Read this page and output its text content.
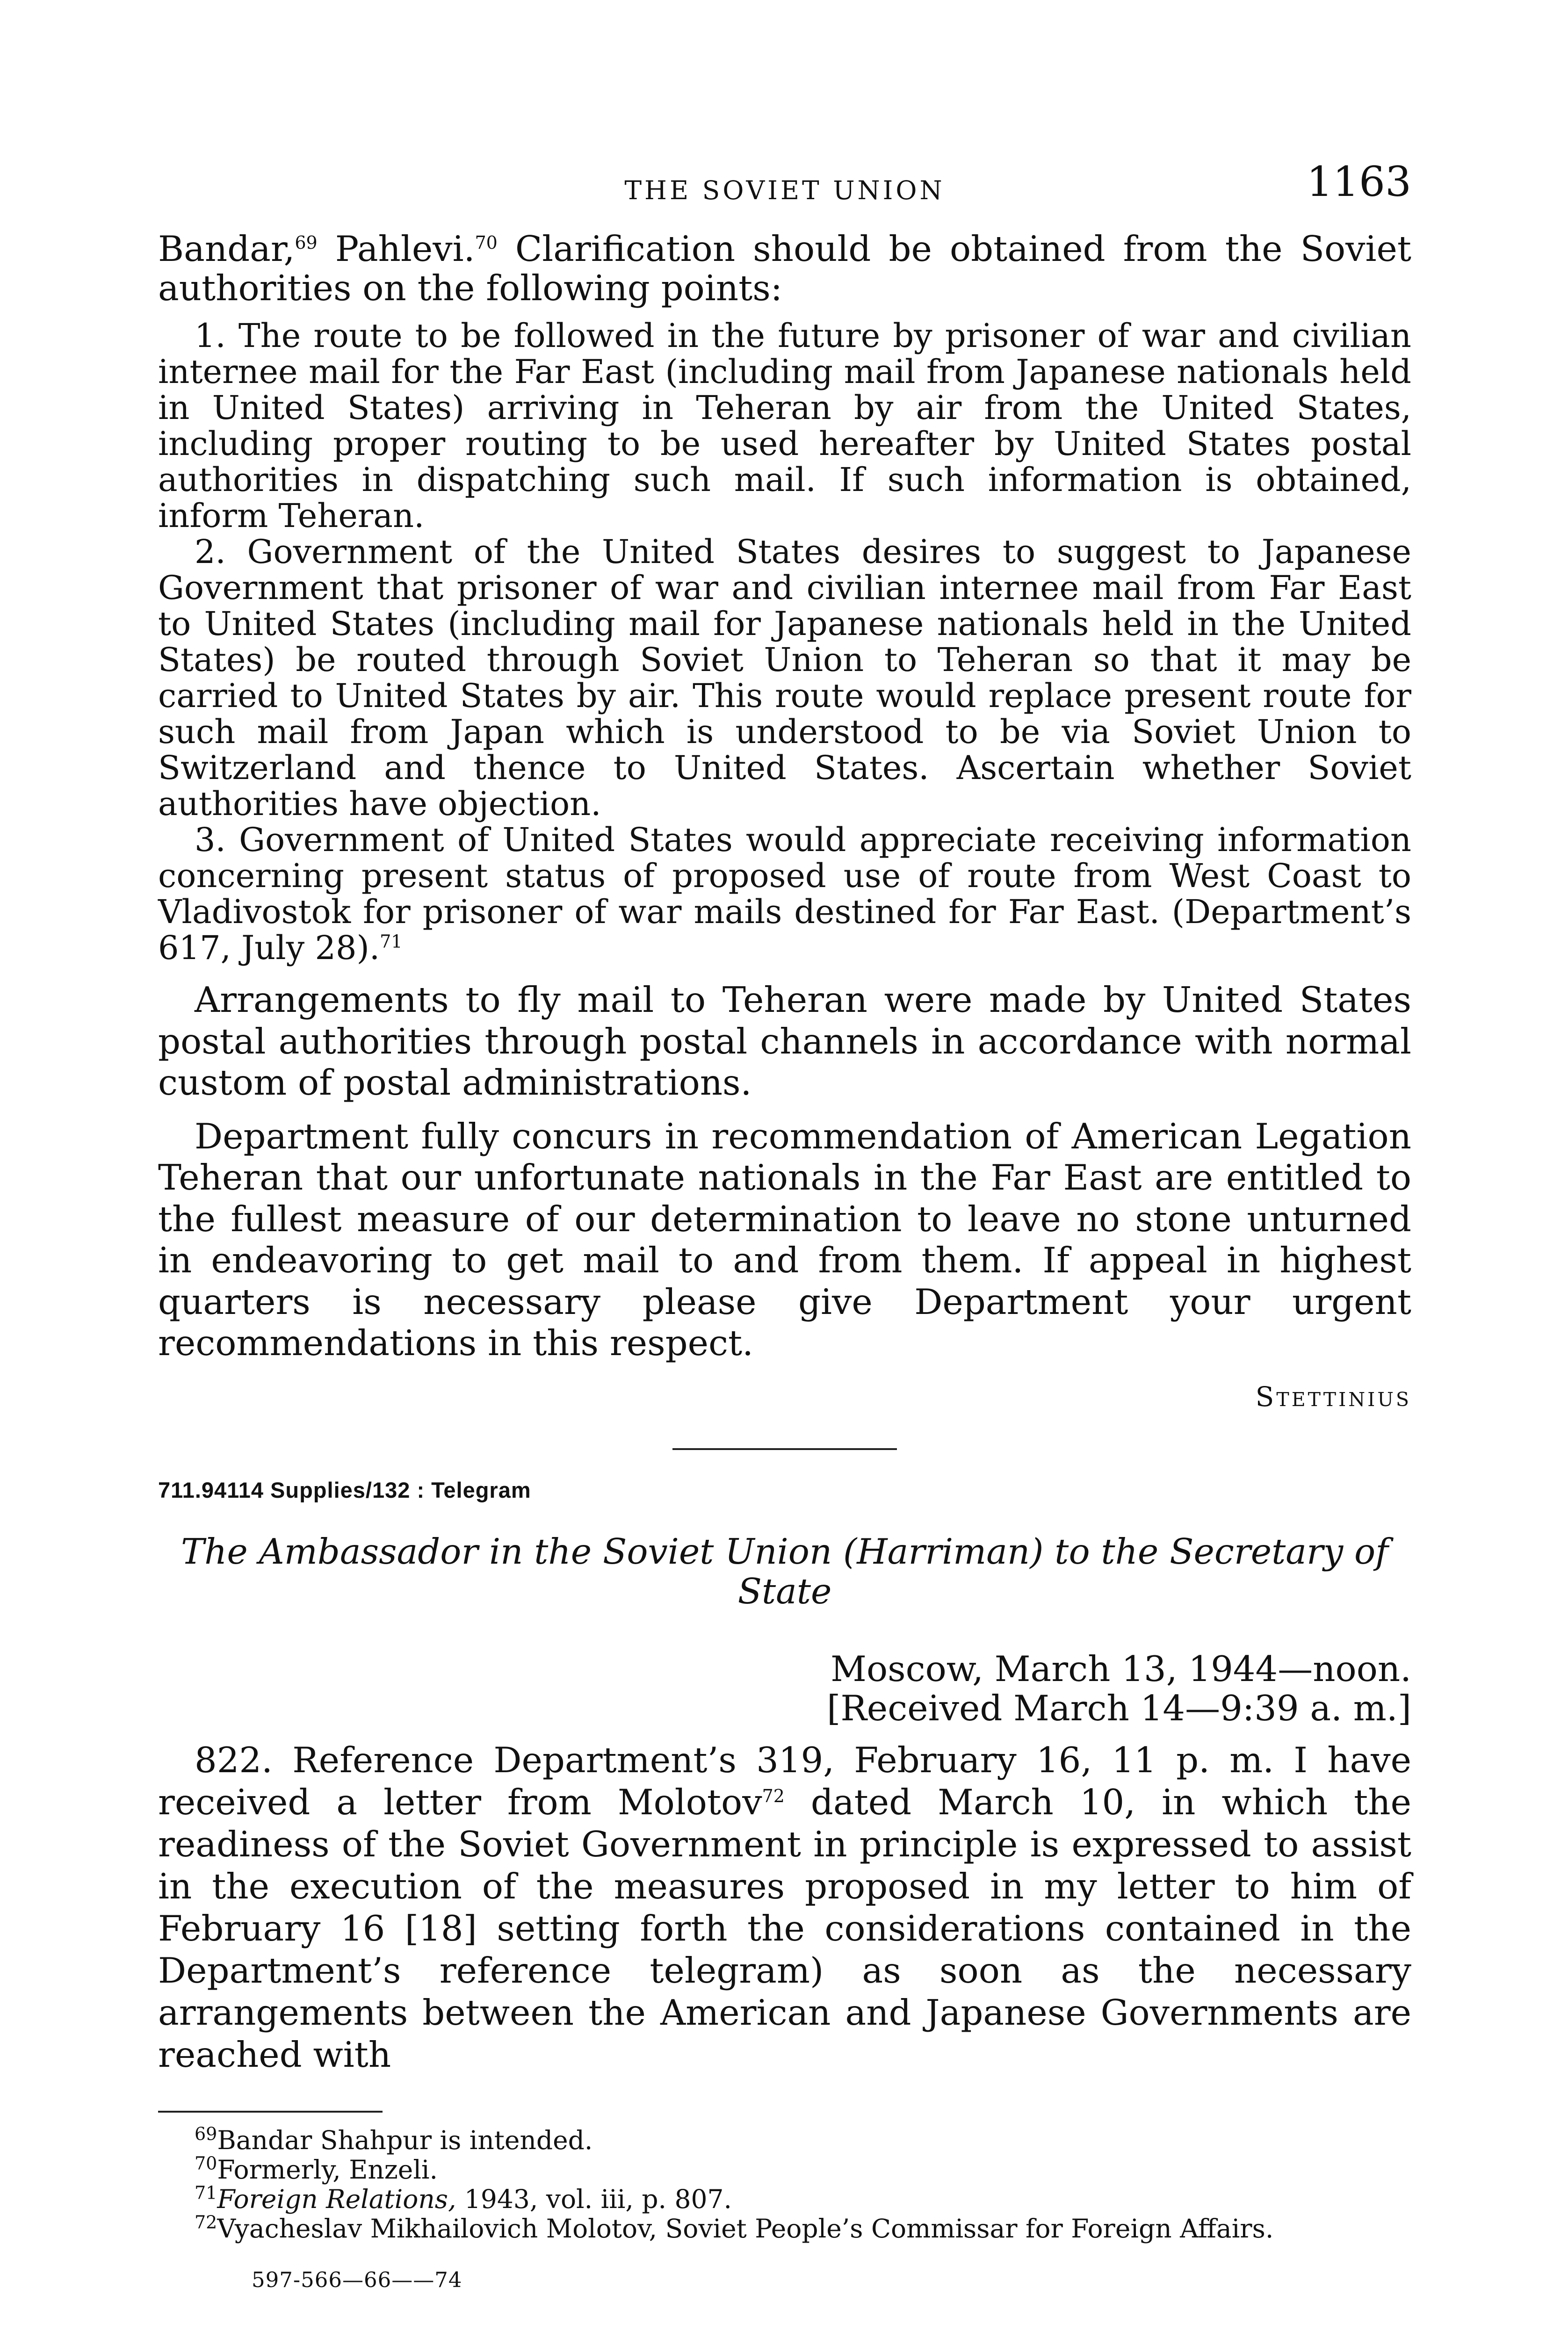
THE SOVIET UNION	1163

Bandar,$^{69}$ Pahlevi.$^{70}$ Clarification should be obtained from the Soviet authorities on the following points:

1. The route to be followed in the future by prisoner of war and civilian internee mail for the Far East (including mail from Japanese nationals held in United States) arriving in Teheran by air from the United States, including proper routing to be used hereafter by United States postal authorities in dispatching such mail. If such information is obtained, inform Teheran.

2. Government of the United States desires to suggest to Japanese Government that prisoner of war and civilian internee mail from Far East to United States (including mail for Japanese nationals held in the United States) be routed through Soviet Union to Teheran so that it may be carried to United States by air. This route would replace present route for such mail from Japan which is understood to be via Soviet Union to Switzerland and thence to United States. Ascertain whether Soviet authorities have objection.

3. Government of United States would appreciate receiving information concerning present status of proposed use of route from West Coast to Vladivostok for prisoner of war mails destined for Far East. (Department’s 617, July 28).$^{71}$

Arrangements to fly mail to Teheran were made by United States postal authorities through postal channels in accordance with normal custom of postal administrations.

Department fully concurs in recommendation of American Legation Teheran that our unfortunate nationals in the Far East are entitled to the fullest measure of our determination to leave no stone unturned in endeavoring to get mail to and from them. If appeal in highest quarters is necessary please give Department your urgent recommendations in this respect.

Stettinius
711.94114 Supplies/132 : Telegram
The Ambassador in the Soviet Union (Harriman) to the Secretary of State
Moscow, March 13, 1944—noon.
[Received March 14—9:39 a. m.]

822. Reference Department’s 319, February 16, 11 p. m. I have received a letter from Molotov$^{72}$ dated March 10, in which the readiness of the Soviet Government in principle is expressed to assist in the execution of the measures proposed in my letter to him of February 16 [18] setting forth the considerations contained in the Department’s reference telegram) as soon as the necessary arrangements between the American and Japanese Governments are reached with

$^{69}$Bandar Shahpur is intended.

$^{70}$Formerly, Enzeli.

$^{71}$Foreign Relations, 1943, vol. iii, p. 807.

$^{72}$Vyacheslav Mikhailovich Molotov, Soviet People’s Commissar for Foreign Affairs.

597-566—66——74
